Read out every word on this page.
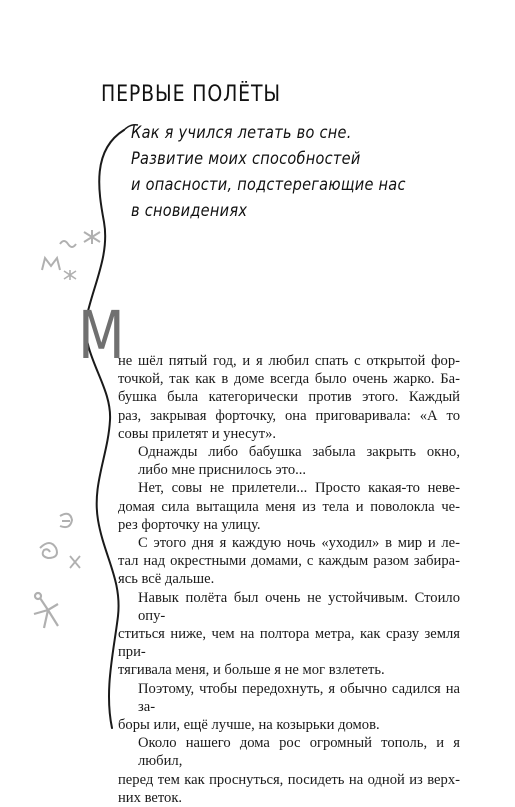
ПЕРВЫЕ ПОЛЁТЫ
Как я учился летать во сне.
Развитие моих способностей
и опасности, подстерегающие нас
в сновидениях
М
не шёл пятый год, и я любил спать с открытой фор-
точкой, так как в доме всегда было очень жарко. Ба-
бушка была категорически против этого. Каждый
раз, закрывая форточку, она приговаривала: «А то
совы прилетят и унесут».
Однажды либо бабушка забыла закрыть окно,
либо мне приснилось это...
Нет, совы не прилетели... Просто какая-то неве-
домая сила вытащила меня из тела и поволокла че-
рез форточку на улицу.
С этого дня я каждую ночь «уходил» в мир и ле-
тал над окрестными домами, с каждым разом забира-
ясь всё дальше.
Навык полёта был очень не устойчивым. Стоило опу-
ститься ниже, чем на полтора метра, как сразу земля при-
тягивала меня, и больше я не мог взлететь.
Поэтому, чтобы передохнуть, я обычно садился на за-
боры или, ещё лучше, на козырьки домов.
Около нашего дома рос огромный тополь, и я любил,
перед тем как проснуться, посидеть на одной из верх-
них веток.
